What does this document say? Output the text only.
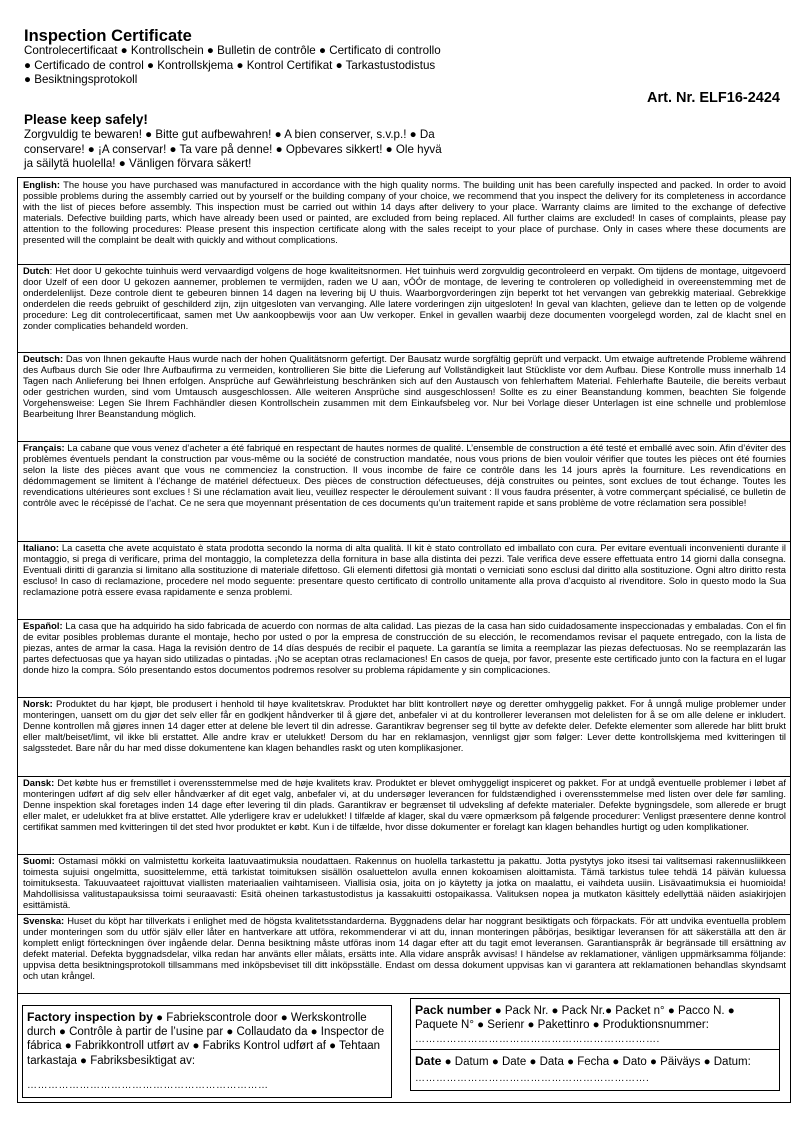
Inspection Certificate
Controlecertificaat ● Kontrollschein ● Bulletin de contrôle ● Certificato di controllo ● Certificado de control ● Kontrollskjema ● Kontrol Certifikat ● Tarkastustodistus ● Besiktningsprotokoll
Art. Nr. ELF16-2424
Please keep safely!
Zorgvuldig te bewaren! ● Bitte gut aufbewahren! ● A bien conserver, s.v.p.! ● Da conservare! ● ¡A conservar! ● Ta vare på denne! ● Opbevares sikkert! ● Ole hyvä ja säilytä huolella! ● Vänligen förvara säkert!
English: The house you have purchased was manufactured in accordance with the high quality norms. The building unit has been carefully inspected and packed. In order to avoid possible problems during the assembly carried out by yourself or the building company of your choice, we recommend that you inspect the delivery for its completeness in accordance with the list of pieces before assembly. This inspection must be carried out within 14 days after delivery to your place. Warranty claims are limited to the exchange of defective materials. Defective building parts, which have already been used or painted, are excluded from being replaced. All further claims are excluded! In cases of complaints, please pay attention to the following procedures: Please present this inspection certificate along with the sales receipt to your place of purchase. Only in cases where these documents are presented will the complaint be dealt with quickly and without complications.
Dutch: Het door U gekochte tuinhuis werd vervaardigd volgens de hoge kwaliteitsnormen. Het tuinhuis werd zorgvuldig gecontroleerd en verpakt. Om tijdens de montage, uitgevoerd door Uzelf of een door U gekozen aannemer, problemen te vermijden, raden we U aan, vÓÓr de montage, de levering te controleren op volledigheid in overeenstemming met de onderdelenlijst. Deze controle dient te gebeuren binnen 14 dagen na levering bij U thuis. Waarborgvorderingen zijn beperkt tot het vervangen van gebrekkig materiaal. Gebrekkige onderdelen die reeds gebruikt of geschilderd zijn, zijn uitgesloten van vervanging. Alle latere vorderingen zijn uitgesloten! In geval van klachten, gelieve dan te letten op de volgende procedure: Leg dit controlecertificaat, samen met Uw aankoopbewijs voor aan Uw verkoper. Enkel in gevallen waarbij deze documenten voorgelegd worden, zal de klacht snel en zonder complicaties behandeld worden.
Deutsch: Das von Ihnen gekaufte Haus wurde nach der hohen Qualitätsnorm gefertigt. Der Bausatz wurde sorgfältig geprüft und verpackt. Um etwaige auftretende Probleme während des Aufbaus durch Sie oder Ihre Aufbaufirma zu vermeiden, kontrollieren Sie bitte die Lieferung auf Vollständigkeit laut Stückliste vor dem Aufbau. Diese Kontrolle muss innerhalb 14 Tagen nach Anlieferung bei Ihnen erfolgen. Ansprüche auf Gewährleistung beschränken sich auf den Austausch von fehlerhaftem Material. Fehlerhafte Bauteile, die bereits verbaut oder gestrichen wurden, sind vom Umtausch ausgeschlossen. Alle weiteren Ansprüche sind ausgeschlossen! Sollte es zu einer Beanstandung kommen, beachten Sie folgende Vorgehensweise: Legen Sie Ihrem Fachhändler diesen Kontrollschein zusammen mit dem Einkaufsbeleg vor. Nur bei Vorlage dieser Unterlagen ist eine schnelle und problemlose Bearbeitung Ihrer Beanstandung möglich.
Français: La cabane que vous venez d’acheter a été fabriqué en respectant de hautes normes de qualité. L’ensemble de construction a été testé et emballé avec soin. Afin d’éviter des problèmes éventuels pendant la construction par vous-même ou la société de construction mandatée, nous vous prions de bien vouloir vérifier que toutes les pièces ont été fournies selon la liste des pièces avant que vous ne commenciez la construction. Il vous incombe de faire ce contrôle dans les 14 jours après la fourniture. Les revendications en dédommagement se limitent à l’échange de matériel défectueux. Des pièces de construction défectueuses, déjà construites ou peintes, sont exclues de tout échange. Toutes les revendications ultérieures sont exclues ! Si une réclamation avait lieu, veuillez respecter le déroulement suivant : Il vous faudra présenter, à votre commerçant spécialisé, ce bulletin de contrôle avec le récépissé de l’achat. Ce ne sera que moyennant présentation de ces documents qu’un traitement rapide et sans problème de votre réclamation sera possible!
Italiano: La casetta che avete acquistato è stata prodotta secondo la norma di alta qualità. Il kit è stato controllato ed imballato con cura. Per evitare eventuali inconvenienti durante il montaggio, si prega di verificare, prima del montaggio, la completezza della fornitura in base alla distinta dei pezzi. Tale verifica deve essere effettuata entro 14 giorni dalla consegna. Eventuali diritti di garanzia si limitano alla sostituzione di materiale difettoso. Gli elementi difettosi già montati o verniciati sono esclusi dal diritto alla sostituzione. Ogni altro diritto resta escluso! In caso di reclamazione, procedere nel modo seguente: presentare questo certificato di controllo unitamente alla prova d’acquisto al rivenditore. Solo in questo modo la Sua reclamazione potrà essere evasa rapidamente e senza problemi.
Español: La casa que ha adquirido ha sido fabricada de acuerdo con normas de alta calidad. Las piezas de la casa han sido cuidadosamente inspeccionadas y embaladas. Con el fin de evitar posibles problemas durante el montaje, hecho por usted o por la empresa de construcción de su elección, le recomendamos revisar el paquete entregado, con la lista de piezas, antes de armar la casa. Haga la revisión dentro de 14 días después de recibir el paquete. La garantía se limita a reemplazar las piezas defectuosas. No se reemplazarán las partes defectuosas que ya hayan sido utilizadas o pintadas. ¡No se aceptan otras reclamaciones! En casos de queja, por favor, presente este certificado junto con la factura en el lugar donde hizo la compra. Sólo presentando estos documentos podremos resolver su problema rápidamente y sin complicaciones.
Norsk: Produktet du har kjøpt, ble produsert i henhold til høye kvalitetskrav. Produktet har blitt kontrollert nøye og deretter omhyggelig pakket. For å unngå mulige problemer under monteringen, uansett om du gjør det selv eller får en godkjent håndverker til å gjøre det, anbefaler vi at du kontrollerer leveransen mot delelisten for å se om alle delene er inkludert. Denne kontrollen må gjøres innen 14 dager etter at delene ble levert til din adresse. Garantikrav begrenser seg til bytte av defekte deler. Defekte elementer som allerede har blitt brukt eller malt/beiset/limt, vil ikke bli erstattet. Alle andre krav er utelukket! Dersom du har en reklamasjon, vennligst gjør som følger: Lever dette kontrollskjema med kvitteringen til salgsstedet. Bare når du har med disse dokumentene kan klagen behandles raskt og uten komplikasjoner.
Dansk: Det købte hus er fremstillet i overensstemmelse med de høje kvalitets krav. Produktet er blevet omhyggeligt inspiceret og pakket. For at undgå eventuelle problemer i løbet af monteringen udført af dig selv eller håndværker af dit eget valg, anbefaler vi, at du undersøger leverancen for fuldstændighed i overensstemmelse med listen over dele før samling. Denne inspektion skal foretages inden 14 dage efter levering til din plads. Garantikrav er begrænset til udveksling af defekte materialer. Defekte bygningsdele, som allerede er brugt eller malet, er udelukket fra at blive erstattet. Alle yderligere krav er udelukket! I tilfælde af klager, skal du være opmærksom på følgende procedurer: Venligst præsentere denne kontrol certifikat sammen med kvitteringen til det sted hvor produktet er købt. Kun i de tilfælde, hvor disse dokumenter er forelagt kan klagen behandles hurtigt og uden komplikationer.
Suomi: Ostamasi mökki on valmistettu korkeita laatuvaatimuksia noudattaen. Rakennus on huolella tarkastettu ja pakattu. Jotta pystytys joko itsesi tai valitsemasi rakennusliikkeen toimesta sujuisi ongelmitta, suosittelemme, että tarkistat toimituksen sisällön osaluettelon avulla ennen kokoamisen aloittamista. Tämä tarkistus tulee tehdä 14 päivän kuluessa toimituksesta. Takuuvaateet rajoittuvat viallisten materiaalien vaihtamiseen. Viallisia osia, joita on jo käytetty ja jotka on maalattu, ei vaihdeta uusiin. Lisävaatimuksia ei huomioida! Mahdollisissa valitustapauksissa toimi seuraavasti: Esitä oheinen tarkastustodistus ja kassakuitti ostopaikassa. Valituksen nopea ja mutkaton käsittely edellyttää näiden asiakirjojen esittämistä.
Svenska: Huset du köpt har tillverkats i enlighet med de högsta kvalitetsstandarderna. Byggnadens delar har noggrant besiktigats och förpackats. För att undvika eventuella problem under monteringen som du utför själv eller låter en hantverkare att utföra, rekommenderar vi att du, innan monteringen påbörjas, besiktigar leveransen för att säkerställa att den är komplett enligt förteckningen över ingående delar. Denna besiktning måste utföras inom 14 dagar efter att du tagit emot leveransen. Garantianspråk är begränsade till ersättning av defekt material. Defekta byggnadsdelar, vilka redan har använts eller målats, ersätts inte. Alla vidare anspråk avvisas! I händelse av reklamationer, vänligen uppmärksamma följande: uppvisa detta besiktningsprotokoll tillsammans med inköpsbeviset till ditt inköpsställe. Endast om dessa dokument uppvisas kan vi garantera att reklamationen behandlas skyndsamt och utan krångel.
Factory inspection by ● Fabriekscontrole door ● Werkskontrolle durch ● Contrôle à partir de l’usine par ● Collaudato da ● Inspector de fábrica ● Fabrikkontroll utført av ● Fabriks Kontrol udført af ● Tehtaan tarkastaja ● Fabriksbesiktigat av:
……………………………………………………………
Pack number ● Pack Nr. ● Pack Nr.● Packet n° ● Pacco N. ● Paquete N° ● Serienr ● Pakettinro ● Produktionsnummer:
…………………………………………………………….
Date ● Datum ● Date ● Data ● Fecha ● Dato ● Päiväys ● Datum:
………………………………………………………….
